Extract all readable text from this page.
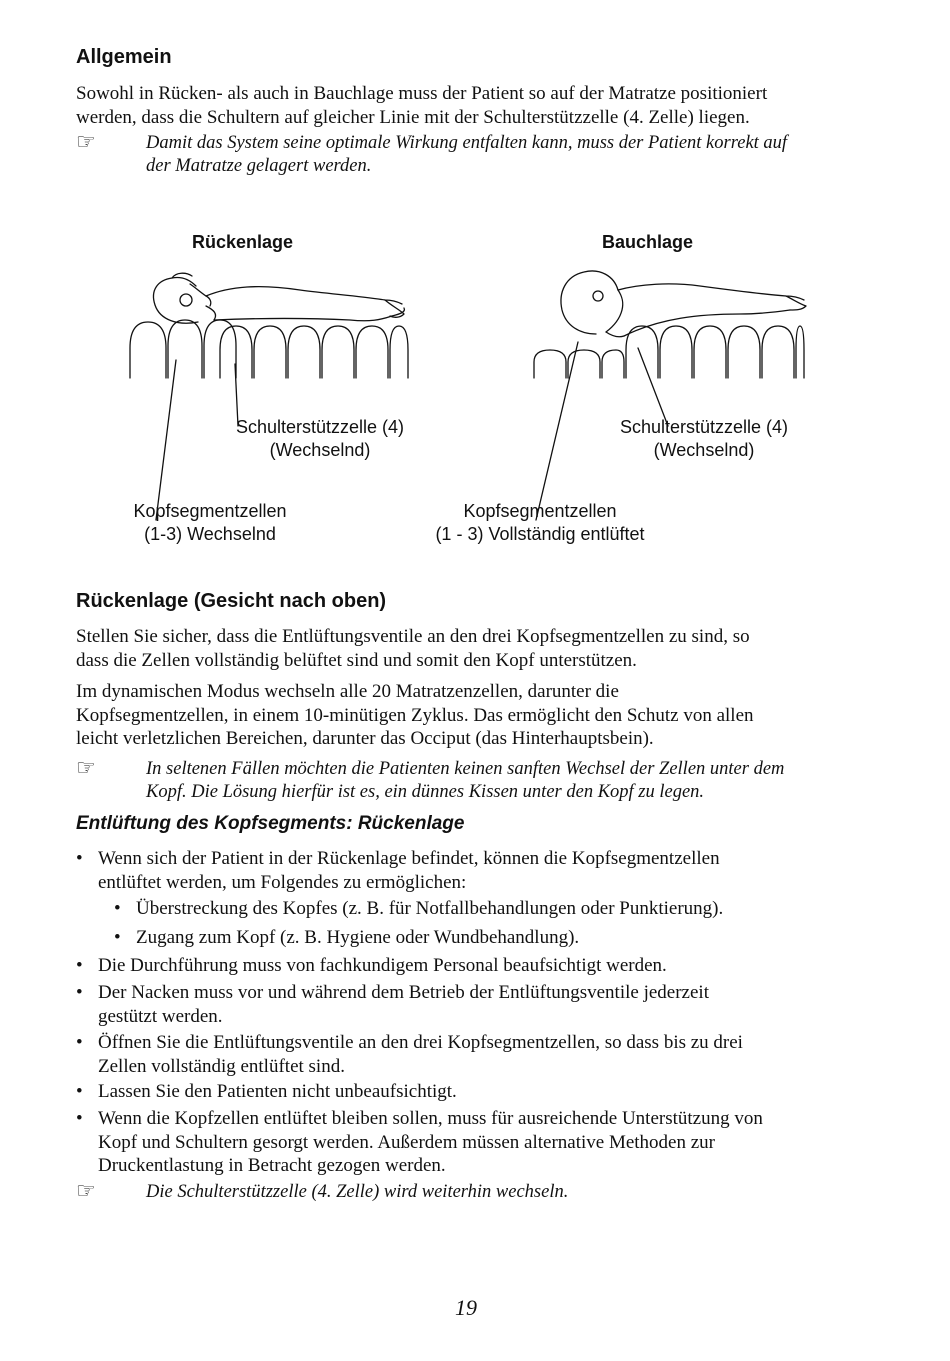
Allgemein
Sowohl in Rücken- als auch in Bauchlage muss der Patient so auf der Matratze positioniert
werden, dass die Schultern auf gleicher Linie mit der Schulterstützzelle (4. Zelle) liegen.
☞	Damit das System seine optimale Wirkung entfalten kann, muss der Patient korrekt auf
der Matratze gelagert werden.
Rückenlage	Bauchlage
Schulterstützzelle (4)
(Wechselnd)
Kopfsegmentzellen
(1-3) Wechselnd
Schulterstützzelle (4)
(Wechselnd)
Kopfsegmentzellen
(1 - 3) Vollständig entlüftet
Rückenlage (Gesicht nach oben)
Stellen Sie sicher, dass die Entlüftungsventile an den drei Kopfsegmentzellen zu sind, so
dass die Zellen vollständig belüftet sind und somit den Kopf unterstützen.
Im dynamischen Modus wechseln alle 20 Matratzenzellen, darunter die
Kopfsegmentzellen, in einem 10-minütigen Zyklus. Das ermöglicht den Schutz von allen
leicht verletzlichen Bereichen, darunter das Occiput (das Hinterhauptsbein).
☞	In seltenen Fällen möchten die Patienten keinen sanften Wechsel der Zellen unter dem
Kopf. Die Lösung hierfür ist es, ein dünnes Kissen unter den Kopf zu legen.
Entlüftung des Kopfsegments: Rückenlage
• Wenn sich der Patient in der Rückenlage befindet, können die Kopfsegmentzellen
entlüftet werden, um Folgendes zu ermöglichen:
• Überstreckung des Kopfes (z. B. für Notfallbehandlungen oder Punktierung).
• Zugang zum Kopf (z. B. Hygiene oder Wundbehandlung).
• Die Durchführung muss von fachkundigem Personal beaufsichtigt werden.
• Der Nacken muss vor und während dem Betrieb der Entlüftungsventile jederzeit
gestützt werden.
• Öffnen Sie die Entlüftungsventile an den drei Kopfsegmentzellen, so dass bis zu drei
Zellen vollständig entlüftet sind.
• Lassen Sie den Patienten nicht unbeaufsichtigt.
• Wenn die Kopfzellen entlüftet bleiben sollen, muss für ausreichende Unterstützung von
Kopf und Schultern gesorgt werden. Außerdem müssen alternative Methoden zur
Druckentlastung in Betracht gezogen werden.
☞	Die Schulterstützzelle (4. Zelle) wird weiterhin wechseln.
19
